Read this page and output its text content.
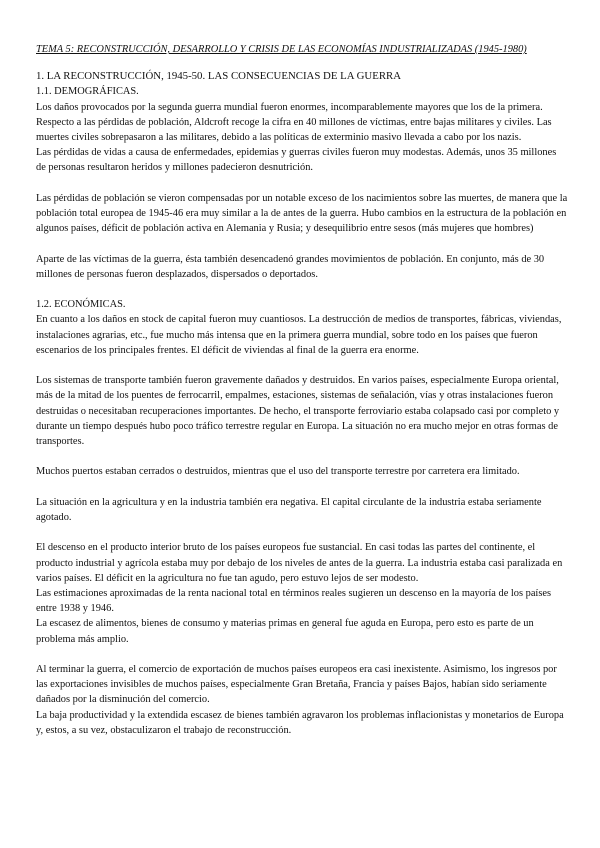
TEMA 5: RECONSTRUCCIÓN, DESARROLLO Y CRISIS DE LAS ECONOMÍAS INDUSTRIALIZADAS (1945-1980)

1. LA RECONSTRUCCIÓN, 1945-50. LAS CONSECUENCIAS DE LA GUERRA

1.1. DEMOGRÁFICAS.

Los daños provocados por la segunda guerra mundial fueron enormes, incomparablemente mayores que los de la primera. Respecto a las pérdidas de población, Aldcroft recoge la cifra en 40 millones de víctimas, entre bajas militares y civiles. Las muertes civiles sobrepasaron a las militares, debido a las políticas de exterminio masivo llevada a cabo por los nazis.

Las pérdidas de vidas a causa de enfermedades, epidemias y guerras civiles fueron muy modestas. Además, unos 35 millones de personas resultaron heridos y millones padecieron desnutrición.

Las pérdidas de población se vieron compensadas por un notable exceso de los nacimientos sobre las muertes, de manera que la población total europea de 1945-46 era muy similar a la de antes de la guerra. Hubo cambios en la estructura de la población en algunos países, déficit de población activa en Alemania y Rusia; y desequilibrio entre sesos (más mujeres que hombres)

Aparte de las víctimas de la guerra, ésta también desencadenó grandes movimientos de población. En conjunto, más de 30 millones de personas fueron desplazados, dispersados o deportados.

1.2. ECONÓMICAS.

En cuanto a los daños en stock de capital fueron muy cuantiosos. La destrucción de medios de transportes, fábricas, viviendas, instalaciones agrarias, etc., fue mucho más intensa que en la primera guerra mundial, sobre todo en los países que fueron escenarios de los principales frentes. El déficit de viviendas al final de la guerra era enorme.

Los sistemas de transporte también fueron gravemente dañados y destruidos. En varios países, especialmente Europa oriental, más de la mitad de los puentes de ferrocarril, empalmes, estaciones, sistemas de señalación, vías y otras instalaciones fueron destruidas o necesitaban recuperaciones importantes. De hecho, el transporte ferroviario estaba colapsado casi por completo y durante un tiempo después hubo poco tráfico terrestre regular en Europa. La situación no era mucho mejor en otras formas de transportes.

Muchos puertos estaban cerrados o destruidos, mientras que el uso del transporte terrestre por carretera era limitado.

La situación en la agricultura y en la industria también era negativa. El capital circulante de la industria estaba seriamente agotado.

El descenso en el producto interior bruto de los países europeos fue sustancial. En casi todas las partes del continente, el producto industrial y agrícola estaba muy por debajo de los niveles de antes de la guerra. La industria estaba casi paralizada en varios países. El déficit en la agricultura no fue tan agudo, pero estuvo lejos de ser modesto.

Las estimaciones aproximadas de la renta nacional total en términos reales sugieren un descenso en la mayoría de los países entre 1938 y 1946.

La escasez de alimentos, bienes de consumo y materias primas en general fue aguda en Europa, pero esto es parte de un problema más amplio.

Al terminar la guerra, el comercio de exportación de muchos países europeos era casi inexistente. Asimismo, los ingresos por las exportaciones invisibles de muchos países, especialmente Gran Bretaña, Francia y países Bajos, habían sido seriamente dañados por la disminución del comercio.

La baja productividad y la extendida escasez de bienes también agravaron los problemas inflacionistas y monetarios de Europa y, estos, a su vez, obstaculizaron el trabajo de reconstrucción.
